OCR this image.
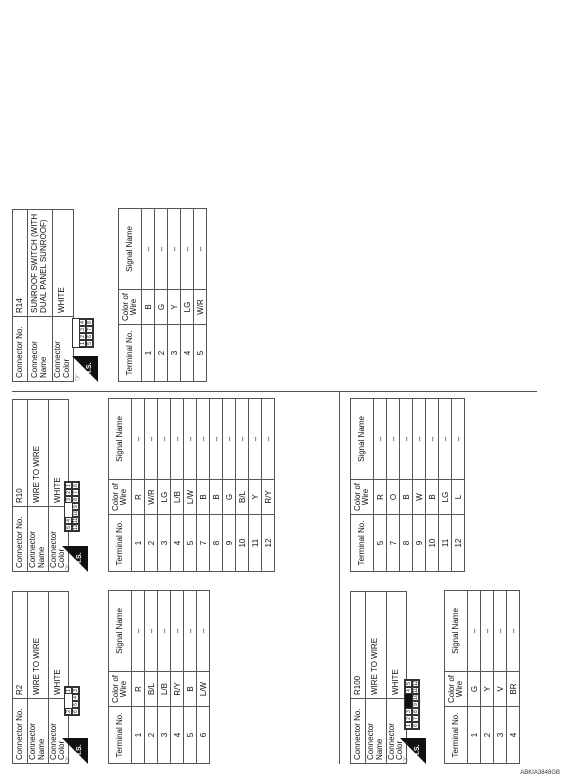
Connector No.	R2
Connector Name	WIRE TO WIRE
Connector Color	WHITE
☞
H.S.
2
1
6
5
4
3
Terminal No.	Color of Wire	Signal Name
1	R	–
2	B/L	–
3	L/B	–
4	R/Y	–
5	B	–
6	L/W	–
Connector No.	R10
Connector Name	WIRE TO WIRE
Connector Color	WHITE
☞
H.S.
5
4
3
2
1
12
11
10
9
8
7
6
Terminal No.	Color of Wire	Signal Name
1	R	–
2	W/R	–
3	LG	–
4	L/B	–
5	L/W	–
7	B	–
8	B	–
9	G	–
10	B/L	–
11	Y	–
12	R/Y	–
Connector No.	R100
Connector Name	WIRE TO WIRE
Connector Color	WHITE
☞
H.S.
1
2
3
4
5
6
7
8
9
10
11
12
Terminal No.	Color of Wire	Signal Name
1	G	–
2	Y	–
3	V	–
4	BR	–
Terminal No.	Color of Wire	Signal Name
5	R	–
7	O	–
8	B	–
9	W	–
10	B	–
11	LG	–
12	L	–
Connector No.	R14
Connector Name	SUNROOF SWITCH (WITH DUAL PANEL SUNROOF)
Connector Color	WHITE
☞
H.S.
1
2
3
4
5
6
7
8
Terminal No.	Color of Wire	Signal Name
1	B	–
2	G	–
3	Y	–
4	LG	–
5	W/R	–
ABKIA3848GB
